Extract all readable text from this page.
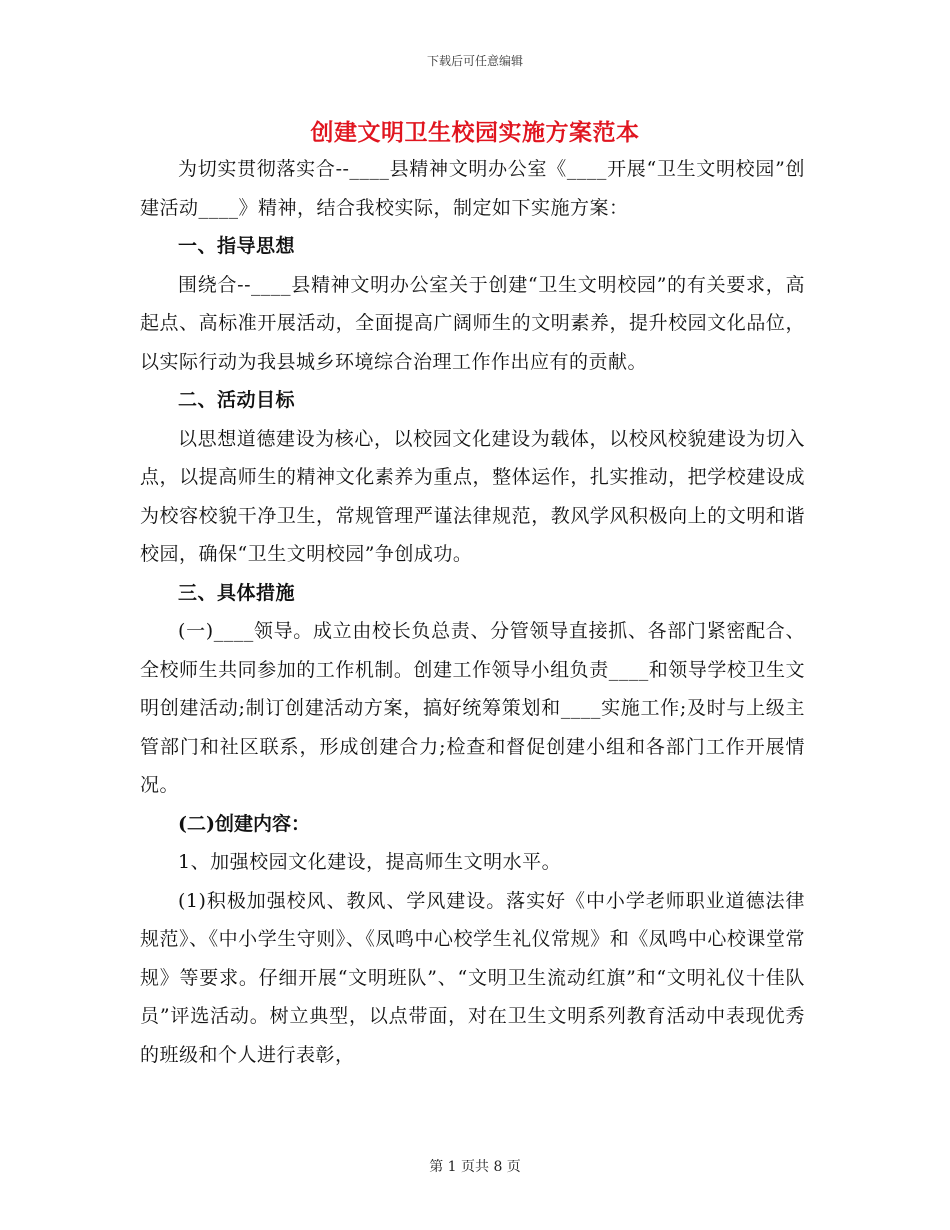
下载后可任意编辑
创建文明卫生校园实施方案范本

为切实贯彻落实合--____县精神文明办公室《____开展“卫生文明校园”创建活动____》精神，结合我校实际，制定如下实施方案：

一、指导思想

围绕合--____县精神文明办公室关于创建“卫生文明校园”的有关要求，高起点、高标准开展活动，全面提高广阔师生的文明素养，提升校园文化品位，以实际行动为我县城乡环境综合治理工作作出应有的贡献。

二、活动目标

以思想道德建设为核心，以校园文化建设为载体，以校风校貌建设为切入点，以提高师生的精神文化素养为重点，整体运作，扎实推动，把学校建设成为校容校貌干净卫生，常规管理严谨法律规范，教风学风积极向上的文明和谐校园，确保“卫生文明校园”争创成功。

三、具体措施

(一)____领导。成立由校长负总责、分管领导直接抓、各部门紧密配合、全校师生共同参加的工作机制。创建工作领导小组负责____和领导学校卫生文明创建活动;制订创建活动方案，搞好统筹策划和____实施工作;及时与上级主管部门和社区联系，形成创建合力;检查和督促创建小组和各部门工作开展情况。

(二)创建内容：

1、加强校园文化建设，提高师生文明水平。

(1)积极加强校风、教风、学风建设。落实好《中小学老师职业道德法律规范》、《中小学生守则》、《凤鸣中心校学生礼仪常规》和《凤鸣中心校课堂常规》等要求。仔细开展“文明班队”、“文明卫生流动红旗”和“文明礼仪十佳队员”评选活动。树立典型，以点带面，对在卫生文明系列教育活动中表现优秀的班级和个人进行表彰，

第 1 页共 8 页
